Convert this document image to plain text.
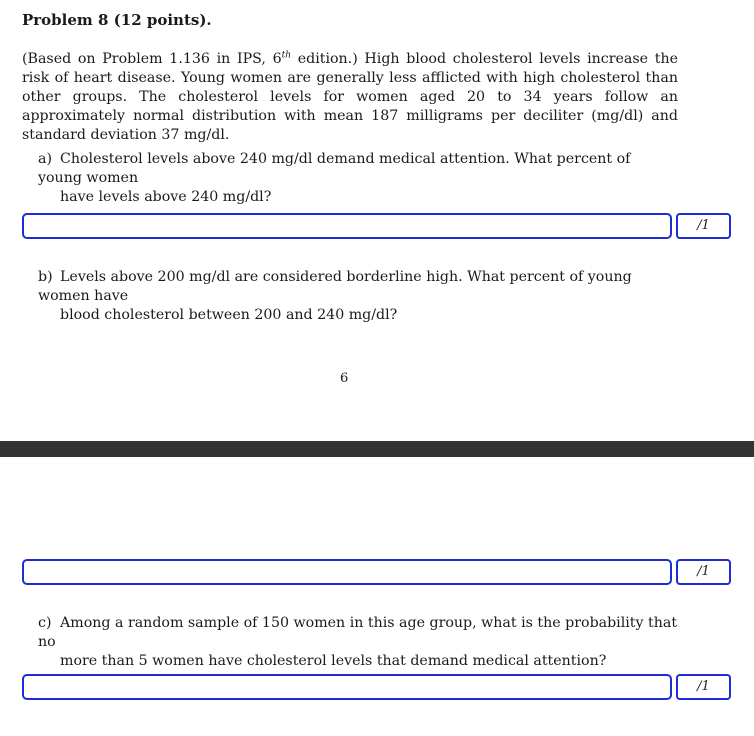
Problem 8 (12 points).
(Based on Problem 1.136 in IPS, 6th edition.) High blood cholesterol levels increase the risk of heart disease. Young women are generally less afflicted with high cholesterol than other groups. The cholesterol levels for women aged 20 to 34 years follow an approximately normal distribution with mean 187 milligrams per deciliter (mg/dl) and standard deviation 37 mg/dl.
a) Cholesterol levels above 240 mg/dl demand medical attention. What percent of young women
have levels above 240 mg/dl?
/1
b) Levels above 200 mg/dl are considered borderline high. What percent of young women have
blood cholesterol between 200 and 240 mg/dl?
6
/1
c) Among a random sample of 150 women in this age group, what is the probability that no
more than 5 women have cholesterol levels that demand medical attention?
/1
